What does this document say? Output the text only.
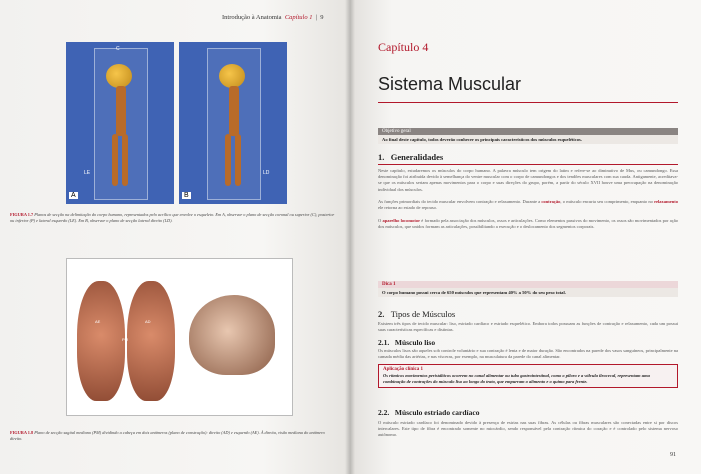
Introdução à Anatomia Capítulo 1 | 9
C
LE
A
LD
B
FIGURA 1.7 Planos de secção na delimitação do corpo humano, representados pelo acrílico que envolve o esqueleto. Em A, observar o plano de secção coronal ou superior (C), posterior ou inferior (P) e lateral esquerdo (LE). Em B, observar o plano de secção lateral direito (LD).
AE	AD
PM
FIGURA 1.8 Plano de secção sagital mediano (PM) dividindo a cabeça em dois antímeros (plano de construção): direito (AD) e esquerdo (AE). À direita, visão mediana do antímero direito.
Capítulo 4
Sistema Muscular
Objetivo geral
Ao final deste capítulo, todos deverão conhecer os principais característicos dos músculos esqueléticos.
1. Generalidades
Neste capítulo, estudaremos os músculos do corpo humano. A palavra músculo tem origem do latim e refere-se ao diminutivo de Mus, ou camundongo. Essa denominação foi atribuída devido à semelhança do ventre muscular com o corpo de camundongos e dos tendões musculares com sua cauda. Antigamente, acreditava-se que os músculos seriam apenas movimentos para o corpo e suas direções do grupo, porém, a partir do século XVII houve uma preocupação na denominação individual dos músculos.
As funções primordiais do tecido muscular envolvem contração e relaxamento. Durante a contração, o músculo encurta seu comprimento, enquanto no relaxamento ele retorna ao estado de repouso.
O aparelho locomotor é formado pela associação dos músculos, ossos e articulações. Como elementos passivos do movimento, os ossos são movimentados por ação dos músculos, que unidos formam as articulações, possibilitando a execução e o deslocamento dos segmentos corporais.
Dica 1
O corpo humano possui cerca de 650 músculos que representam 40% a 50% do seu peso total.
2. Tipos de Músculos
Existem três tipos de tecido muscular: liso, estriado cardíaco e estriado esquelético. Embora todos possuam as funções de contração e relaxamento, cada um possui suas características específicas e distintas.
2.1. Músculo liso
Os músculos lisos são aqueles sob controle voluntário e sua contração é lenta e de maior duração. São encontrados na parede dos vasos sanguíneos, principalmente na camada média das artérias, e nas vísceras, por exemplo, na musculatura da parede do canal alimentar.
Aplicação clínica 1
Os rítmicos movimentos peristálticos ocorrem no canal alimentar ou tubo gastrointestinal, como o piloro e a válvula ileocecal, representam uma combinação de contrações do músculo liso ao longo do trato, que empurram o alimento e o quimo para frente.
2.2. Músculo estriado cardíaco
O músculo estriado cardíaco foi denominado devido à presença de estrias nas suas fibras. As células ou fibras musculares são conectadas entre si por discos intercalares. Este tipo de fibra é encontrado somente no miocárdio, sendo responsável pela contração rítmica do coração e é controlado pelo sistema nervoso autônomo.
91
